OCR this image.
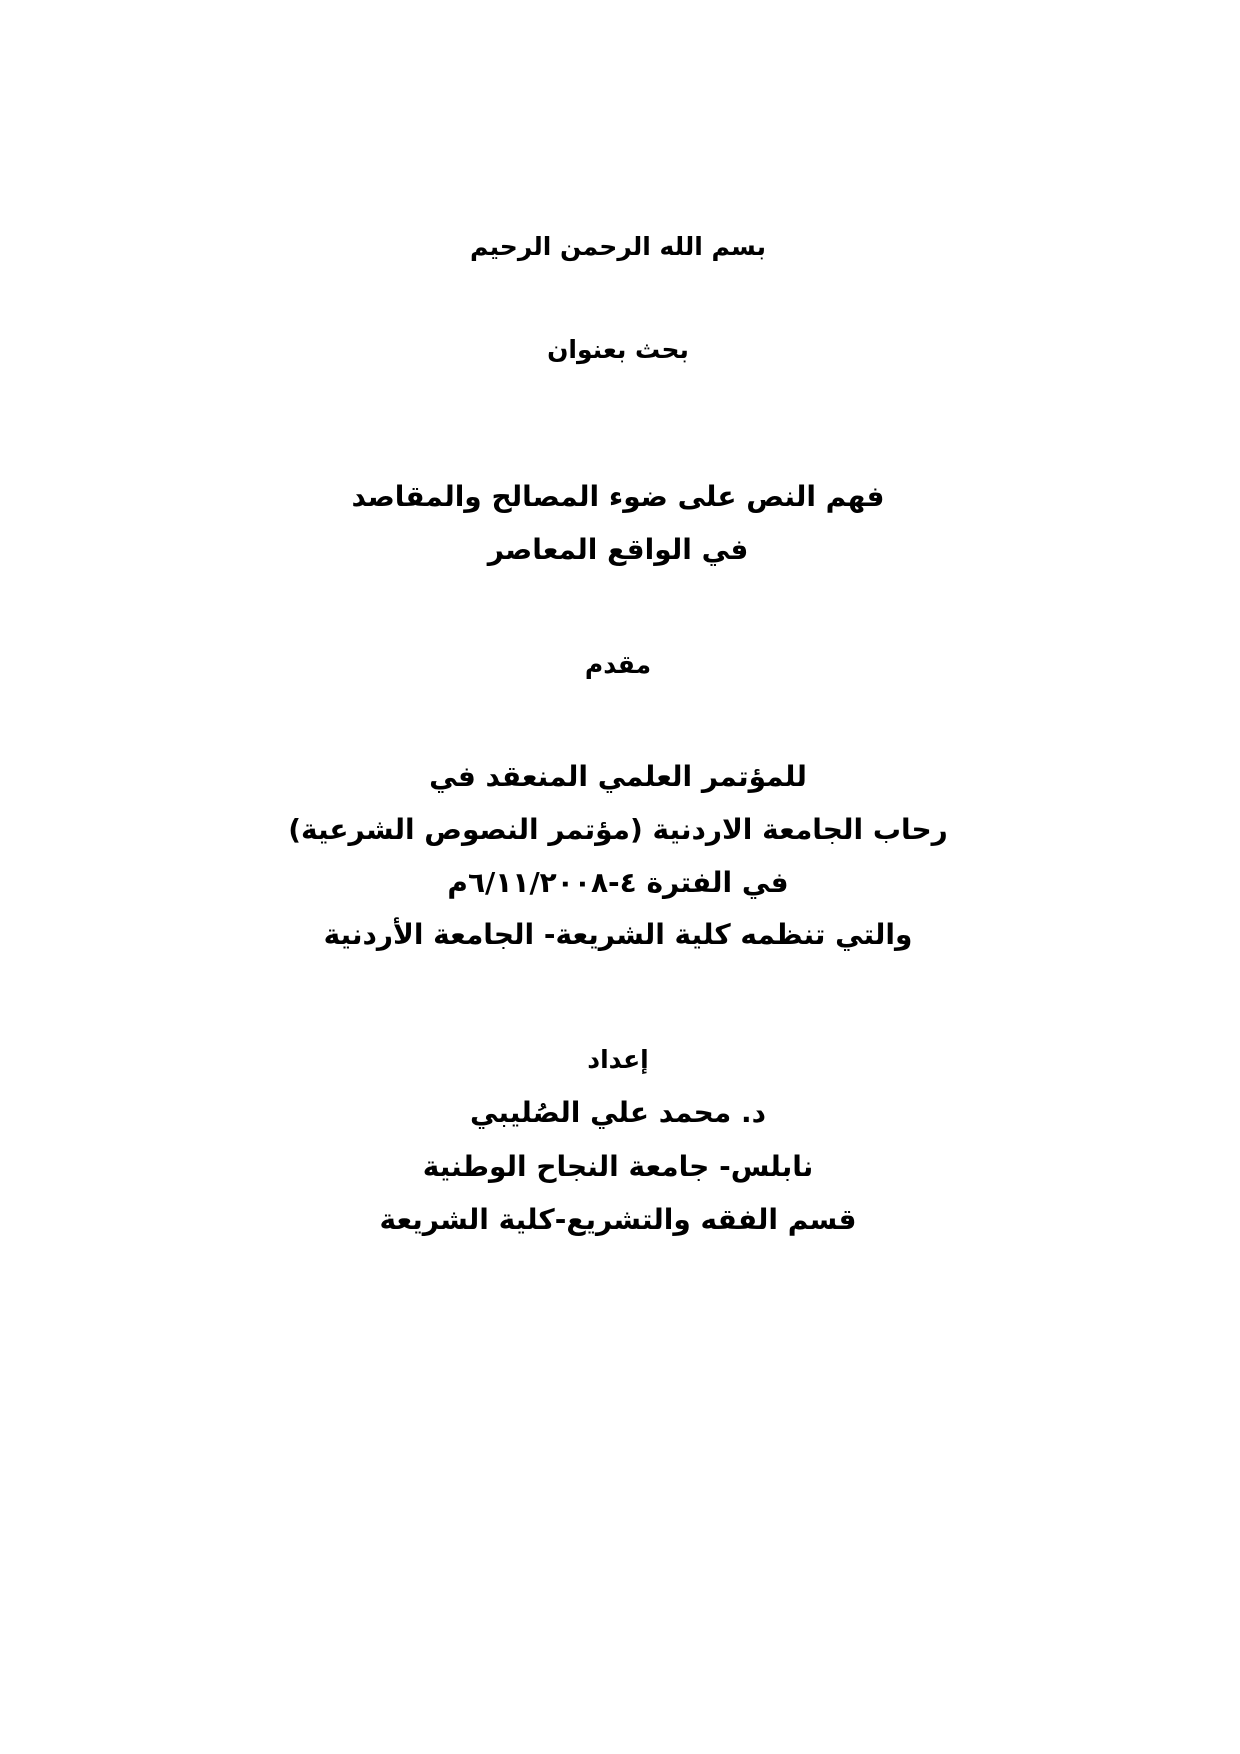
بسم الله الرحمن الرحيم
بحث بعنوان
فهم النص على ضوء المصالح والمقاصد
في الواقع المعاصر
مقدم
للمؤتمر العلمي المنعقد في
رحاب الجامعة الاردنية (مؤتمر النصوص الشرعية)
في الفترة ٤-٦/١١/٢٠٠٨م
والتي تنظمه كلية الشريعة- الجامعة الأردنية
إعداد
د. محمد علي الصُليبي
نابلس- جامعة النجاح الوطنية
قسم الفقه والتشريع-كلية الشريعة
